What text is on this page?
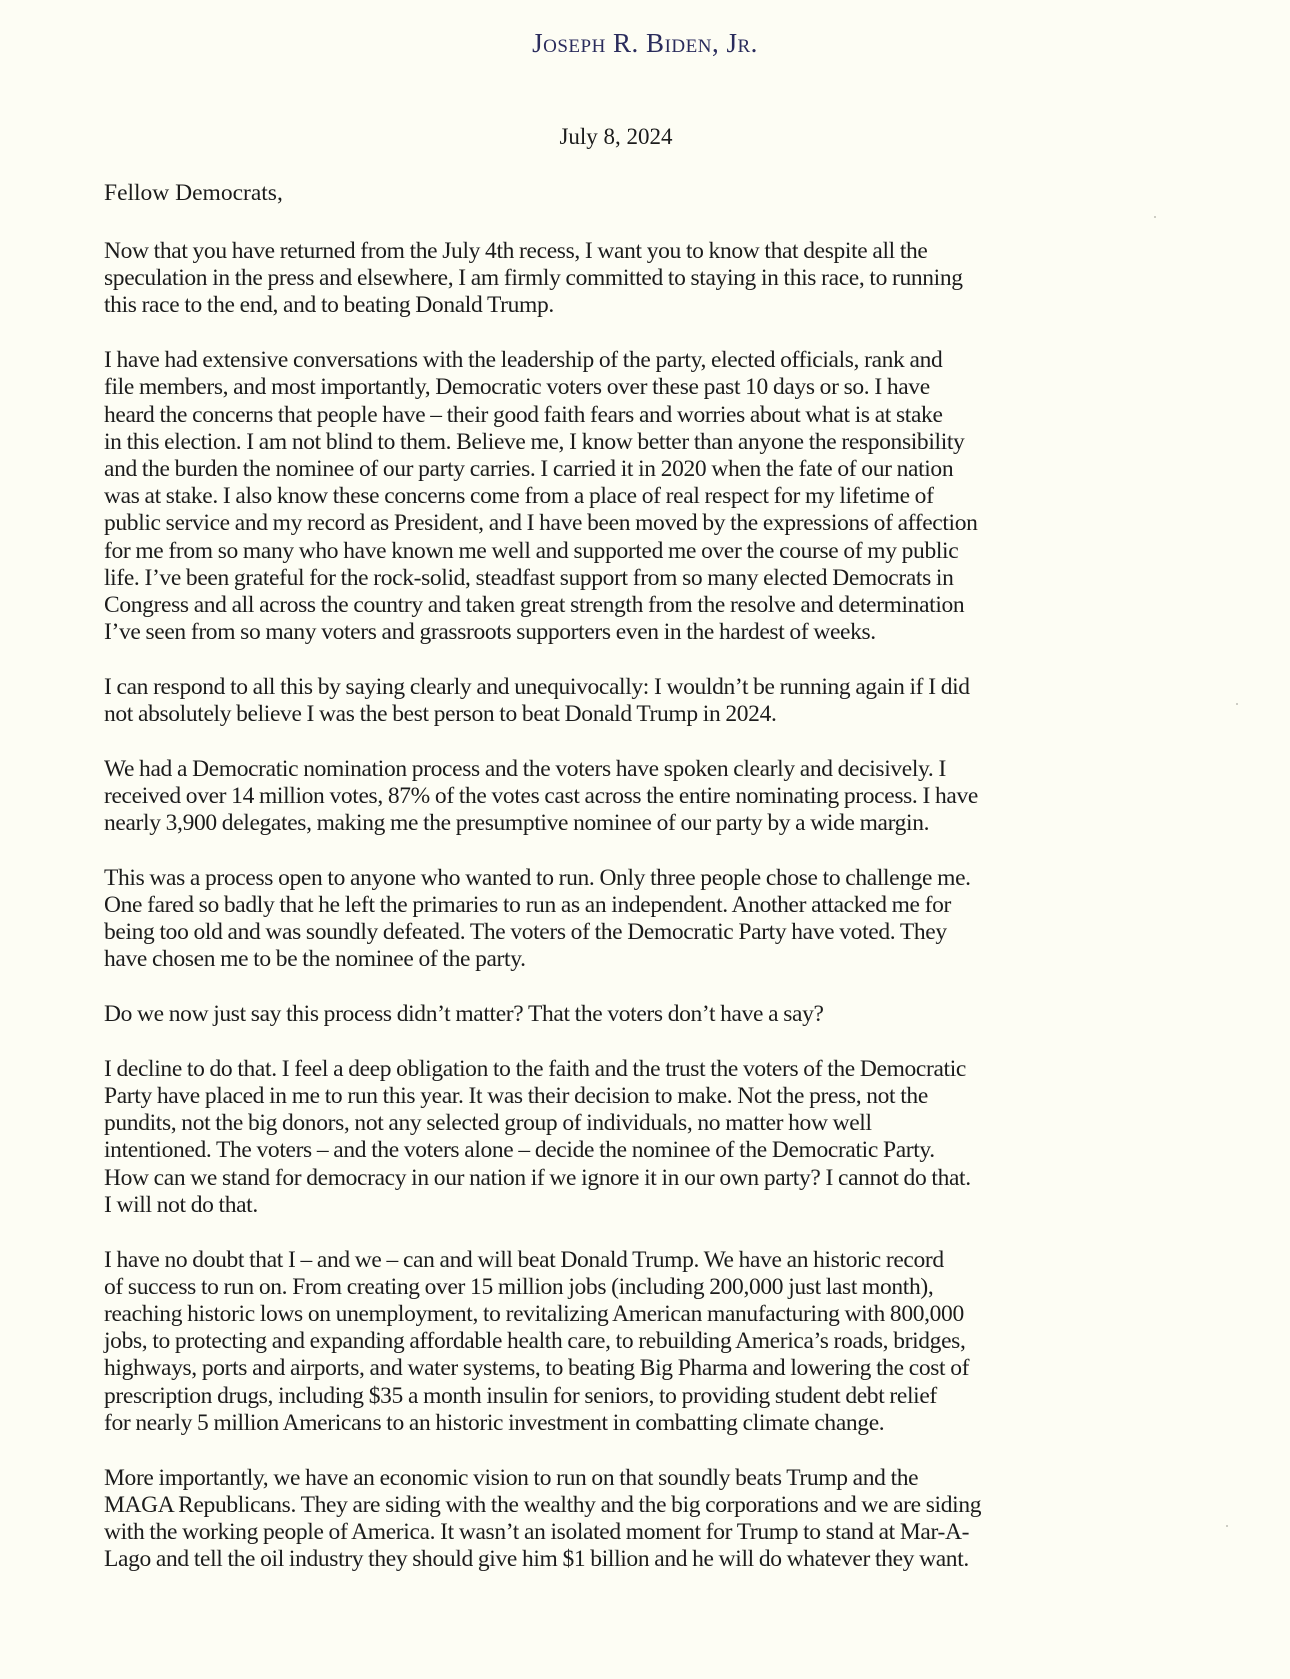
Joseph R. Biden, Jr.
July 8, 2024
Fellow Democrats,

Now that you have returned from the July 4th recess, I want you to know that despite all the
speculation in the press and elsewhere, I am firmly committed to staying in this race, to running
this race to the end, and to beating Donald Trump.

I have had extensive conversations with the leadership of the party, elected officials, rank and
file members, and most importantly, Democratic voters over these past 10 days or so. I have
heard the concerns that people have – their good faith fears and worries about what is at stake
in this election. I am not blind to them. Believe me, I know better than anyone the responsibility
and the burden the nominee of our party carries. I carried it in 2020 when the fate of our nation
was at stake. I also know these concerns come from a place of real respect for my lifetime of
public service and my record as President, and I have been moved by the expressions of affection
for me from so many who have known me well and supported me over the course of my public
life. I’ve been grateful for the rock-solid, steadfast support from so many elected Democrats in
Congress and all across the country and taken great strength from the resolve and determination
I’ve seen from so many voters and grassroots supporters even in the hardest of weeks.

I can respond to all this by saying clearly and unequivocally: I wouldn’t be running again if I did
not absolutely believe I was the best person to beat Donald Trump in 2024.

We had a Democratic nomination process and the voters have spoken clearly and decisively. I
received over 14 million votes, 87% of the votes cast across the entire nominating process. I have
nearly 3,900 delegates, making me the presumptive nominee of our party by a wide margin.

This was a process open to anyone who wanted to run. Only three people chose to challenge me.
One fared so badly that he left the primaries to run as an independent. Another attacked me for
being too old and was soundly defeated. The voters of the Democratic Party have voted. They
have chosen me to be the nominee of the party.

Do we now just say this process didn’t matter? That the voters don’t have a say?

I decline to do that. I feel a deep obligation to the faith and the trust the voters of the Democratic
Party have placed in me to run this year. It was their decision to make. Not the press, not the
pundits, not the big donors, not any selected group of individuals, no matter how well
intentioned. The voters – and the voters alone – decide the nominee of the Democratic Party.
How can we stand for democracy in our nation if we ignore it in our own party? I cannot do that.
I will not do that.

I have no doubt that I – and we – can and will beat Donald Trump. We have an historic record
of success to run on. From creating over 15 million jobs (including 200,000 just last month),
reaching historic lows on unemployment, to revitalizing American manufacturing with 800,000
jobs, to protecting and expanding affordable health care, to rebuilding America’s roads, bridges,
highways, ports and airports, and water systems, to beating Big Pharma and lowering the cost of
prescription drugs, including $35 a month insulin for seniors, to providing student debt relief
for nearly 5 million Americans to an historic investment in combatting climate change.

More importantly, we have an economic vision to run on that soundly beats Trump and the
MAGA Republicans. They are siding with the wealthy and the big corporations and we are siding
with the working people of America. It wasn’t an isolated moment for Trump to stand at Mar-A-
Lago and tell the oil industry they should give him $1 billion and he will do whatever they want.
